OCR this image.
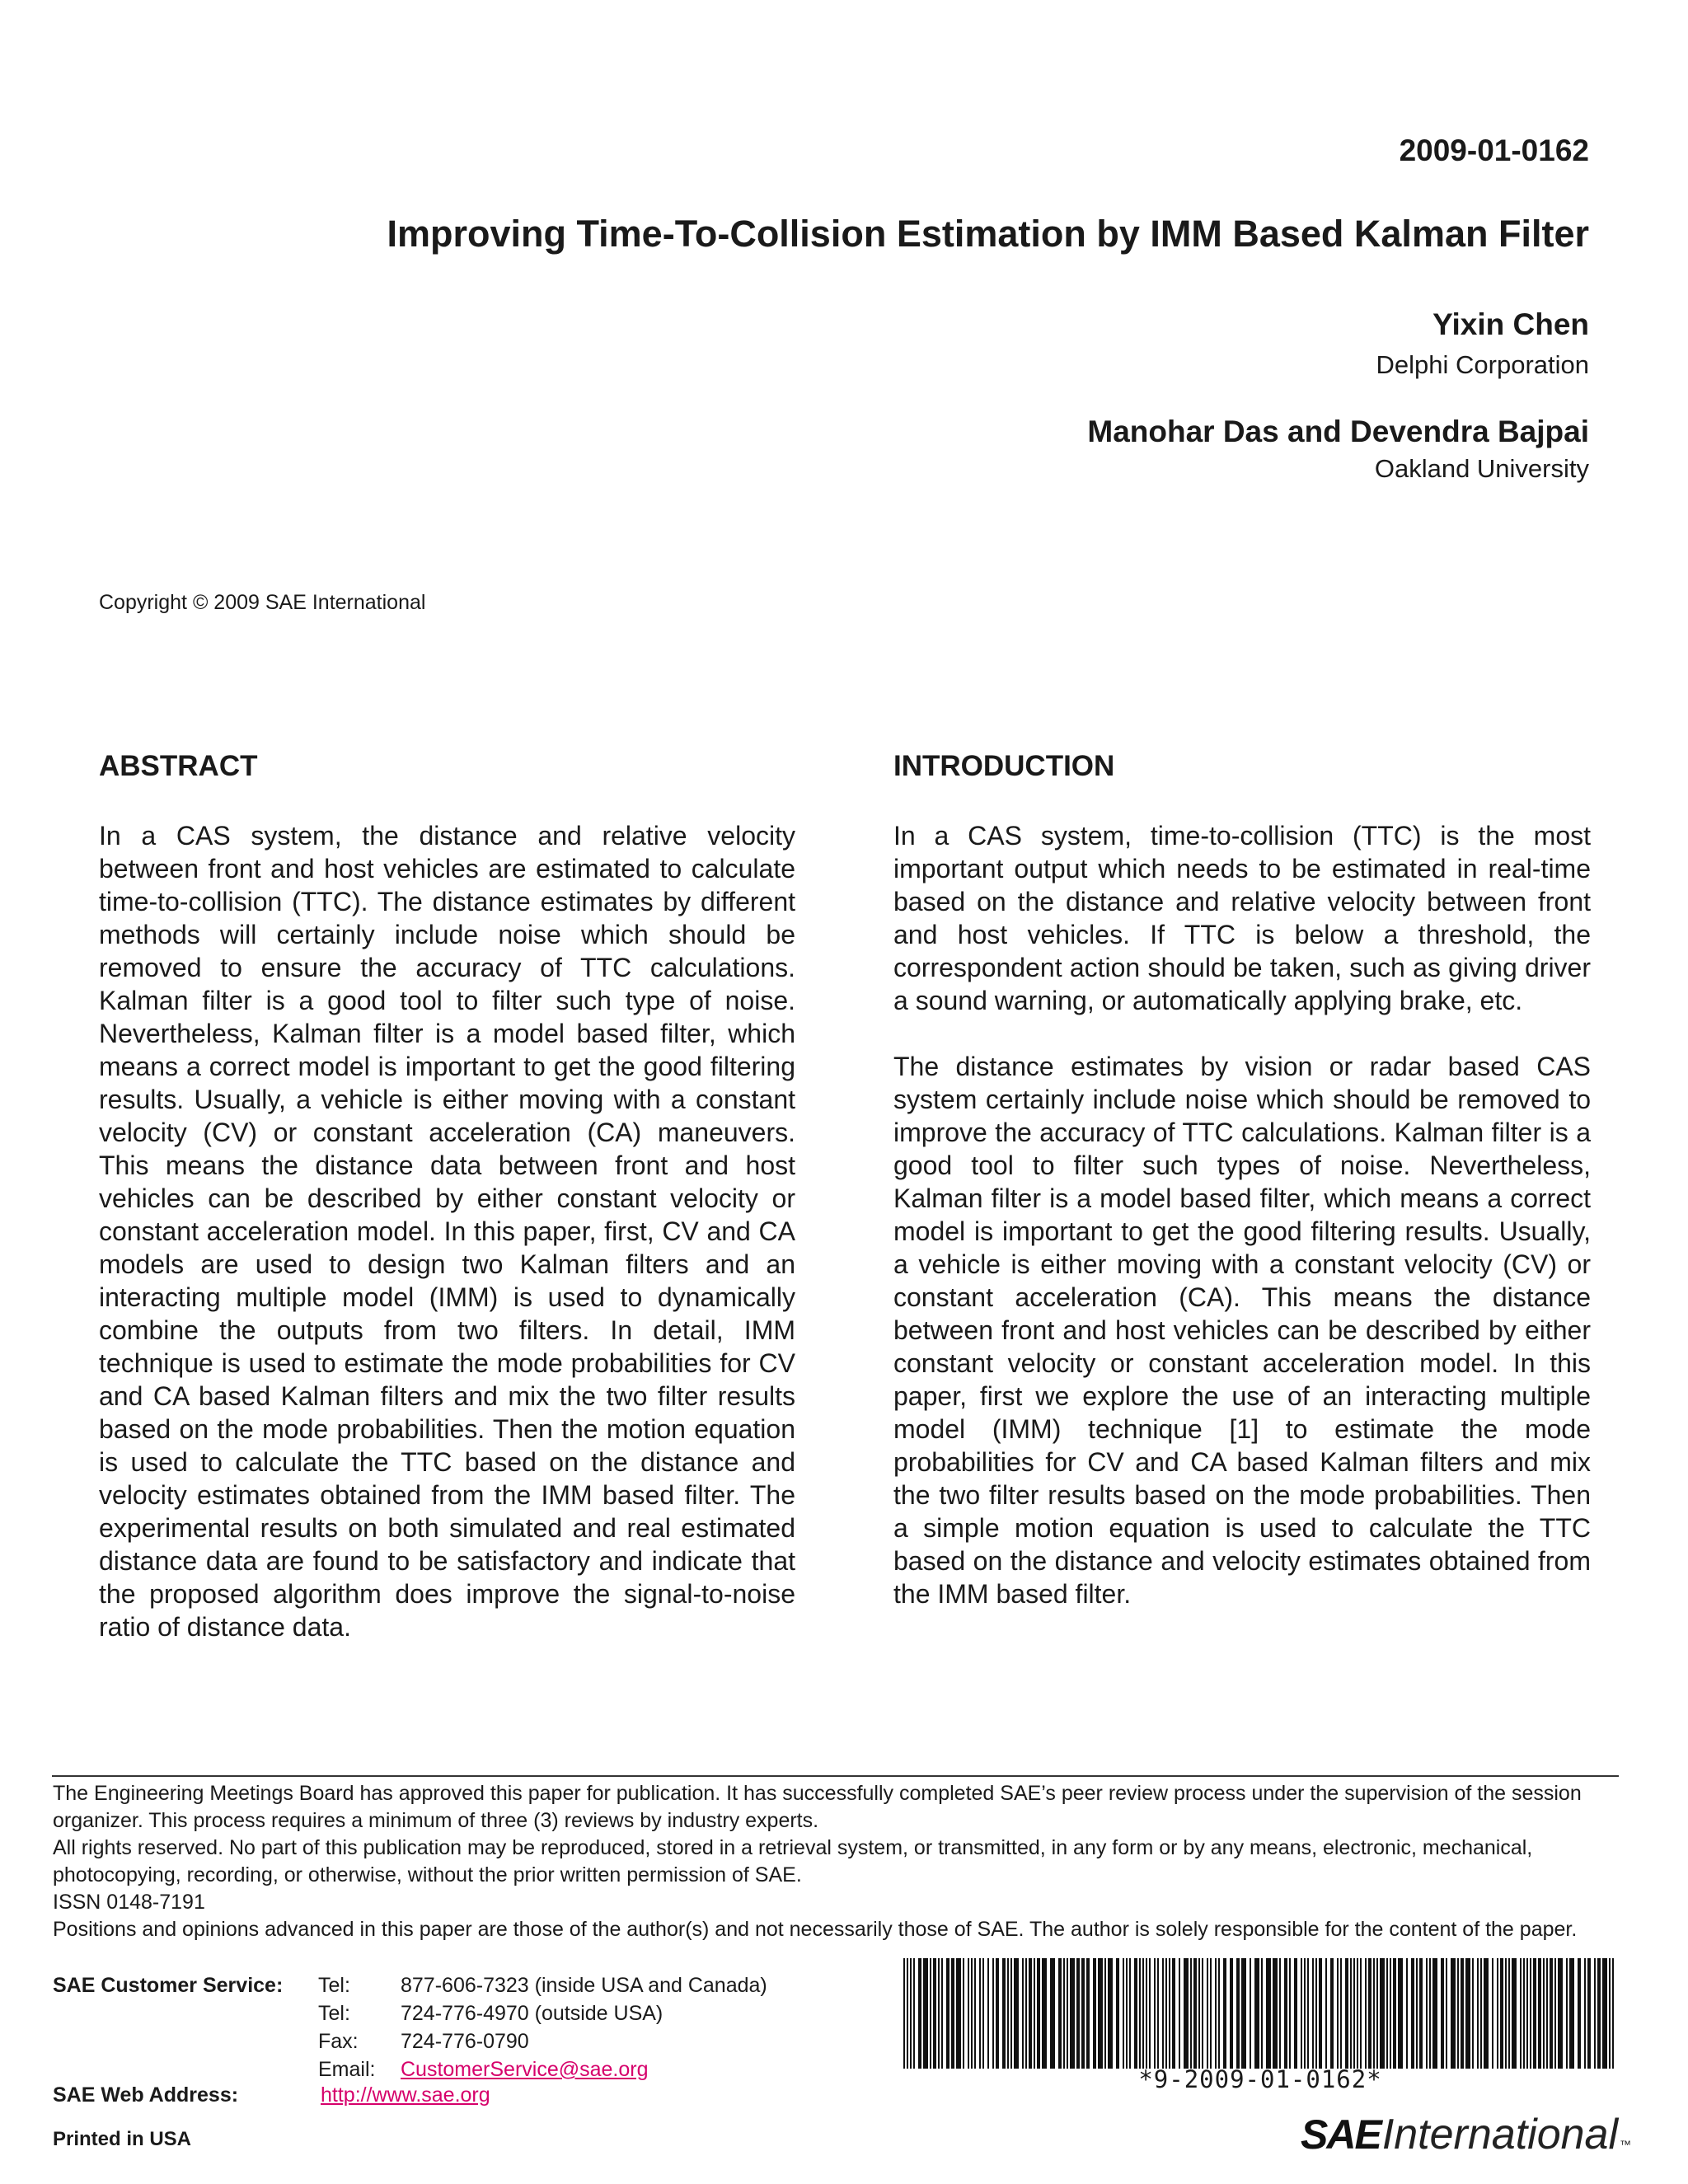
2009-01-0162
Improving Time-To-Collision Estimation by IMM Based Kalman Filter
Yixin Chen
Delphi Corporation
Manohar Das and Devendra Bajpai
Oakland University
Copyright © 2009 SAE International
ABSTRACT

In a CAS system, the distance and relative velocity between front and host vehicles are estimated to calculate time-to-collision (TTC). The distance estimates by different methods will certainly include noise which should be removed to ensure the accuracy of TTC calculations. Kalman filter is a good tool to filter such type of noise. Nevertheless, Kalman filter is a model based filter, which means a correct model is important to get the good filtering results. Usually, a vehicle is either moving with a constant velocity (CV) or constant acceleration (CA) maneuvers. This means the distance data between front and host vehicles can be described by either constant velocity or constant acceleration model. In this paper, first, CV and CA models are used to design two Kalman filters and an interacting multiple model (IMM) is used to dynamically combine the outputs from two filters. In detail, IMM technique is used to estimate the mode probabilities for CV and CA based Kalman filters and mix the two filter results based on the mode probabilities. Then the motion equation is used to calculate the TTC based on the distance and velocity estimates obtained from the IMM based filter. The experimental results on both simulated and real estimated distance data are found to be satisfactory and indicate that the proposed algorithm does improve the signal-to-noise ratio of distance data.

INTRODUCTION

In a CAS system, time-to-collision (TTC) is the most important output which needs to be estimated in real-time based on the distance and relative velocity between front and host vehicles. If TTC is below a threshold, the correspondent action should be taken, such as giving driver a sound warning, or automatically applying brake, etc.

The distance estimates by vision or radar based CAS system certainly include noise which should be removed to improve the accuracy of TTC calculations. Kalman filter is a good tool to filter such types of noise. Nevertheless, Kalman filter is a model based filter, which means a correct model is important to get the good filtering results. Usually, a vehicle is either moving with a constant velocity (CV) or constant acceleration (CA). This means the distance between front and host vehicles can be described by either constant velocity or constant acceleration model. In this paper, first we explore the use of an interacting multiple model (IMM) technique [1] to estimate the mode probabilities for CV and CA based Kalman filters and mix the two filter results based on the mode probabilities. Then a simple motion equation is used to calculate the TTC based on the distance and velocity estimates obtained from the IMM based filter.

The Engineering Meetings Board has approved this paper for publication. It has successfully completed SAE’s peer review process under the supervision of the session organizer. This process requires a minimum of three (3) reviews by industry experts.

All rights reserved. No part of this publication may be reproduced, stored in a retrieval system, or transmitted, in any form or by any means, electronic, mechanical, photocopying, recording, or otherwise, without the prior written permission of SAE.

ISSN 0148-7191

Positions and opinions advanced in this paper are those of the author(s) and not necessarily those of SAE. The author is solely responsible for the content of the paper.

SAE Customer Service:	Tel:	877-606-7323 (inside USA and Canada)
Tel:	724-776-4970 (outside USA)
Fax:	724-776-0790
Email:	CustomerService@sae.org
SAE Web Address:	http://www.sae.org
Printed in USA
*9-2009-01-0162*
SAE International ™
